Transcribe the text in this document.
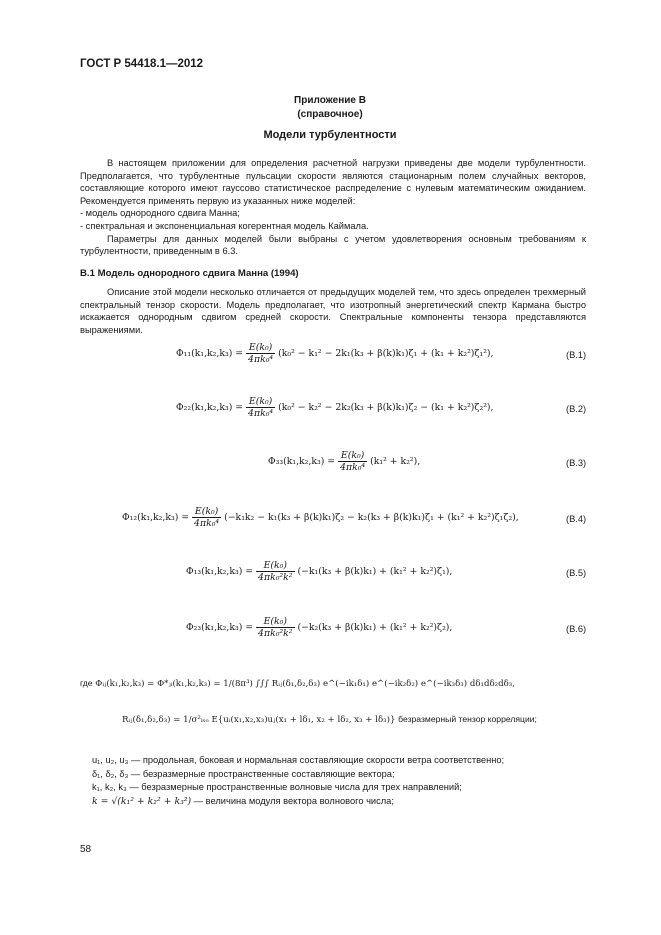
ГОСТ Р 54418.1—2012
Приложение В
(справочное)
Модели турбулентности
В настоящем приложении для определения расчетной нагрузки приведены две модели турбулентности. Предполагается, что турбулентные пульсации скорости являются стационарным полем случайных векторов, составляющие которого имеют гауссово статистическое распределение с нулевым математическим ожиданием. Рекомендуется применять первую из указанных ниже моделей:
- модель однородного сдвига Манна;
- спектральная и экспоненциальная когерентная модель Каймала.
Параметры для данных моделей были выбраны с учетом удовлетворения основным требованиям к турбулентности, приведенным в 6.3.
В.1 Модель однородного сдвига Манна (1994)
Описание этой модели несколько отличается от предыдущих моделей тем, что здесь определен трехмерный спектральный тензор скорости. Модель предполагает, что изотропный энергетический спектр Кармана быстро искажается однородным сдвигом средней скорости. Спектральные компоненты тензора представляются выражениями.
$\Phi_{11}(k_1,k_2,k_3) = \frac{\text{E(k₀)}}{\text{4πk₀⁴}} (k_0^2 - k_1^2 - 2k_1(k_3 + \beta(k)k_1)\zeta_1 + (k_1 + k_2^2)\zeta_1^2)$,	(В.1)
$\Phi_{22}(k_1,k_2,k_3) = \frac{\text{E(k₀)}}{\text{4πk₀⁴}} (k_0^2 - k_2^2 - 2k_2(k_3 + \beta(k)k_1)\zeta_2 - (k_1 + k_2^2)\zeta_2^2)$,	(В.2)
$\Phi_{33}(k_1,k_2,k_3) = \frac{\text{E(k₀)}}{\text{4πk₀⁴}} (k_1^2 + k_2^2)$,	(В.3)
$\Phi_{12}(k_1,k_2,k_3) = \frac{\text{E(k₀)}}{\text{4πk₀⁴}} (-k_1k_2 - k_1(k_3 + \beta(k)k_1)\zeta_2 - k_2(k_3 + \beta(k)k_1)\zeta_1 + (k_1^2 + k_2^2)\zeta_1\zeta_2)$,	(В.4)
$\Phi_{13}(k_1,k_2,k_3) = \frac{\text{E(k₀)}}{\text{4πk₀²k²}} (-k_1(k_3 + \beta(k)k_1) + (k_1^2 + k_2^2)\zeta_1)$,	(В.5)
$\Phi_{23}(k_1,k_2,k_3) = \frac{\text{E(k₀)}}{\text{4πk₀²k²}} (-k_2(k_3 + \beta(k)k_1) + (k_1^2 + k_2^2)\zeta_2)$,	(В.6)
где Φᵢⱼ(k₁,k₂,k₃) = Φ*ⱼᵢ(k₁,k₂,k₃) = 1/(8π³) ∫∫∫ Rᵢⱼ(δ₁,δ₂,δ₃) e^(−ik₁δ₁) e^(−ik₂δ₂) e^(−ik₃δ₃) dδ₁dδ₂dδ₃,
Rᵢⱼ(δ₁,δ₂,δ₃) = 1/σ²ᵢₛₒ E{uᵢ(x₁,x₂,x₃)uⱼ(x₁ + lδ₁, x₂ + lδ₂, x₃ + lδ₃)} безразмерный тензор корреляции;
u₁, u₂, u₃ — продольная, боковая и нормальная составляющие скорости ветра соответственно;
δ₁, δ₂, δ₃ — безразмерные пространственные составляющие вектора;
k₁, k₂, k₃ — безразмерные пространственные волновые числа для трех направлений;
k = √(k₁² + k₂² + k₃²) — величина модуля вектора волнового числа;
58
